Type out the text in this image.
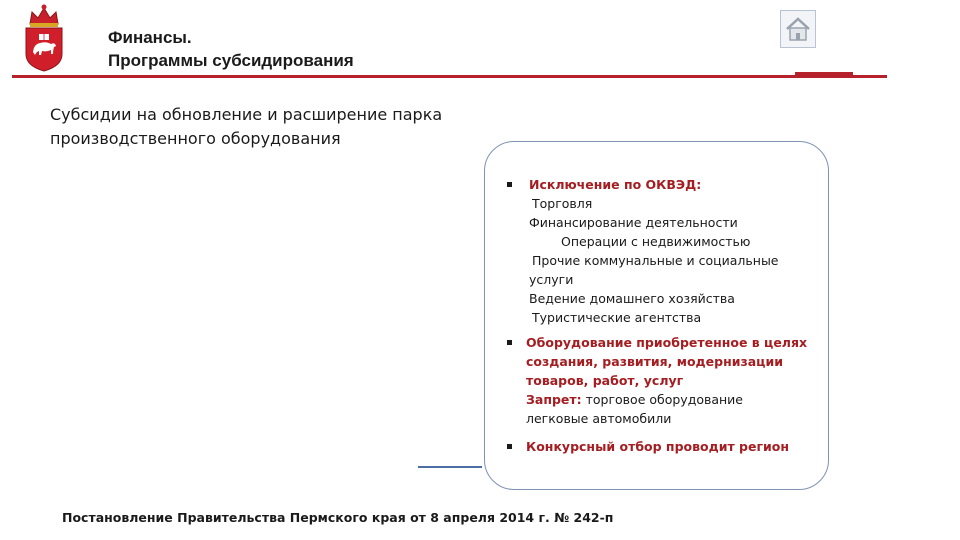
Финансы.
Программы субсидирования
Субсидии на обновление и расширение парка
производственного оборудования
Исключение по ОКВЭД:
Торговля
Финансирование деятельности
Операции с недвижимостью
Прочие коммунальные и социальные
услуги
Ведение домашнего хозяйства
Туристические агентства
Оборудование приобретенное в целях
создания, развития, модернизации
товаров, работ, услуг
Запрет: торговое оборудование
легковые автомобили
Конкурсный отбор проводит регион
Постановление Правительства Пермского края от 8 апреля 2014 г. № 242-п
